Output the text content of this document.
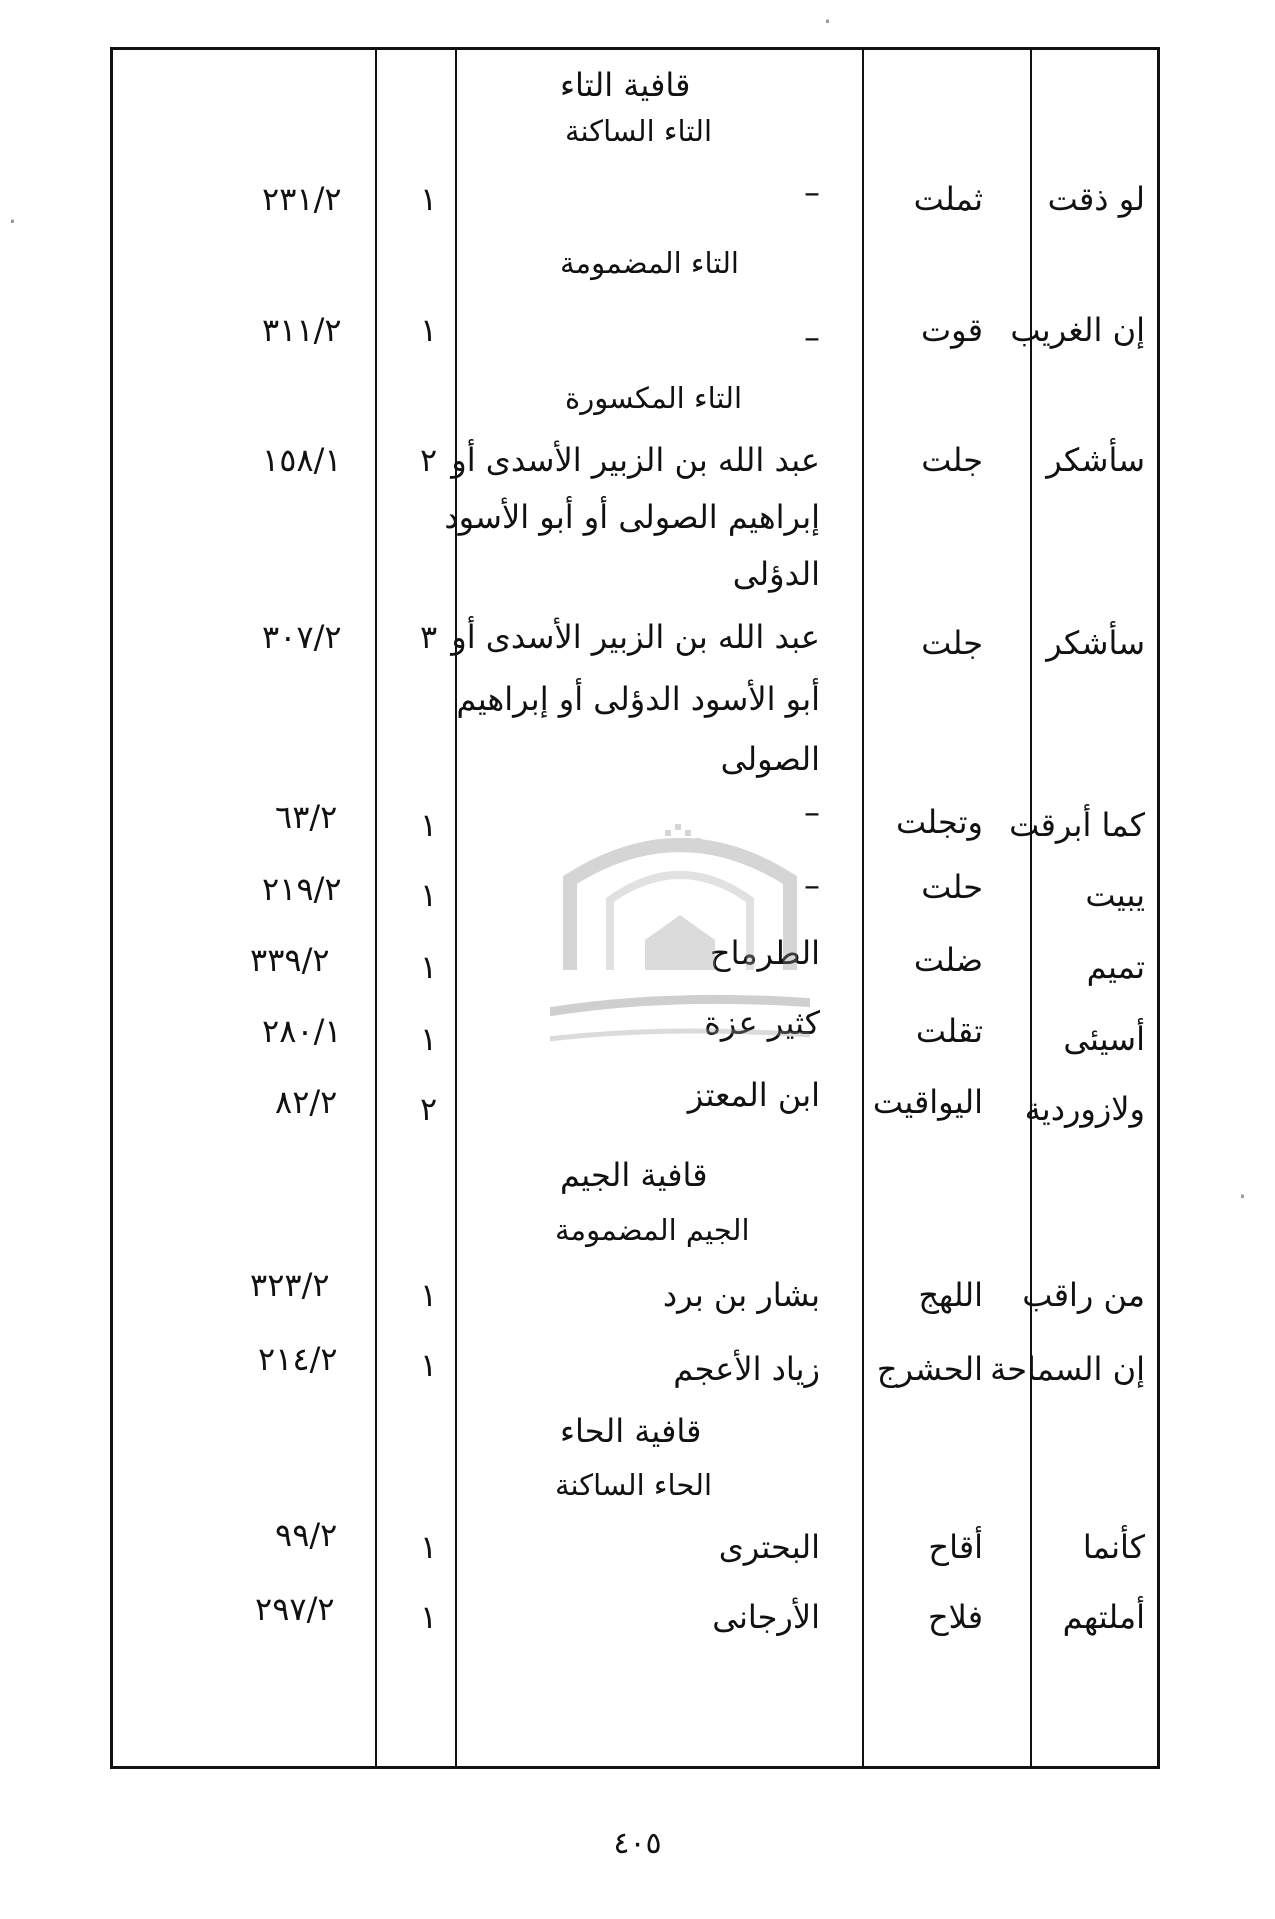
قافية التاء
التاء الساكنة
التاء المضمومة
التاء المكسورة
قافية الجيم
الجيم المضمومة
قافية الحاء
الحاء الساكنة
لو ذقت
ثملت
–
١
٢٣١/٢
إن الغريب
قوت
–
١
٣١١/٢
سأشكر
جلت
عبد الله بن الزبير الأسدى أو
إبراهيم الصولى أو أبو الأسود
الدؤلى
٢
١٥٨/١
سأشكر
جلت
عبد الله بن الزبير الأسدى أو
أبو الأسود الدؤلى أو إبراهيم
الصولى
٣
٣٠٧/٢
كما أبرقت
وتجلت
–
١
٦٣/٢
يبيت
حلت
–
١
٢١٩/٢
تميم
ضلت
الطرماح
١
٣٣٩/٢
أسيئى
تقلت
كثير عزة
١
٢٨٠/١
ولازوردية
اليواقيت
ابن المعتز
٢
٨٢/٢
من راقب
اللهج
بشار بن برد
١
٣٢٣/٢
إن السماحة
الحشرج
زياد الأعجم
١
٢١٤/٢
كأنما
أقاح
البحترى
١
٩٩/٢
أملتهم
فلاح
الأرجانى
١
٢٩٧/٢
·
·
·
٤٠٥
